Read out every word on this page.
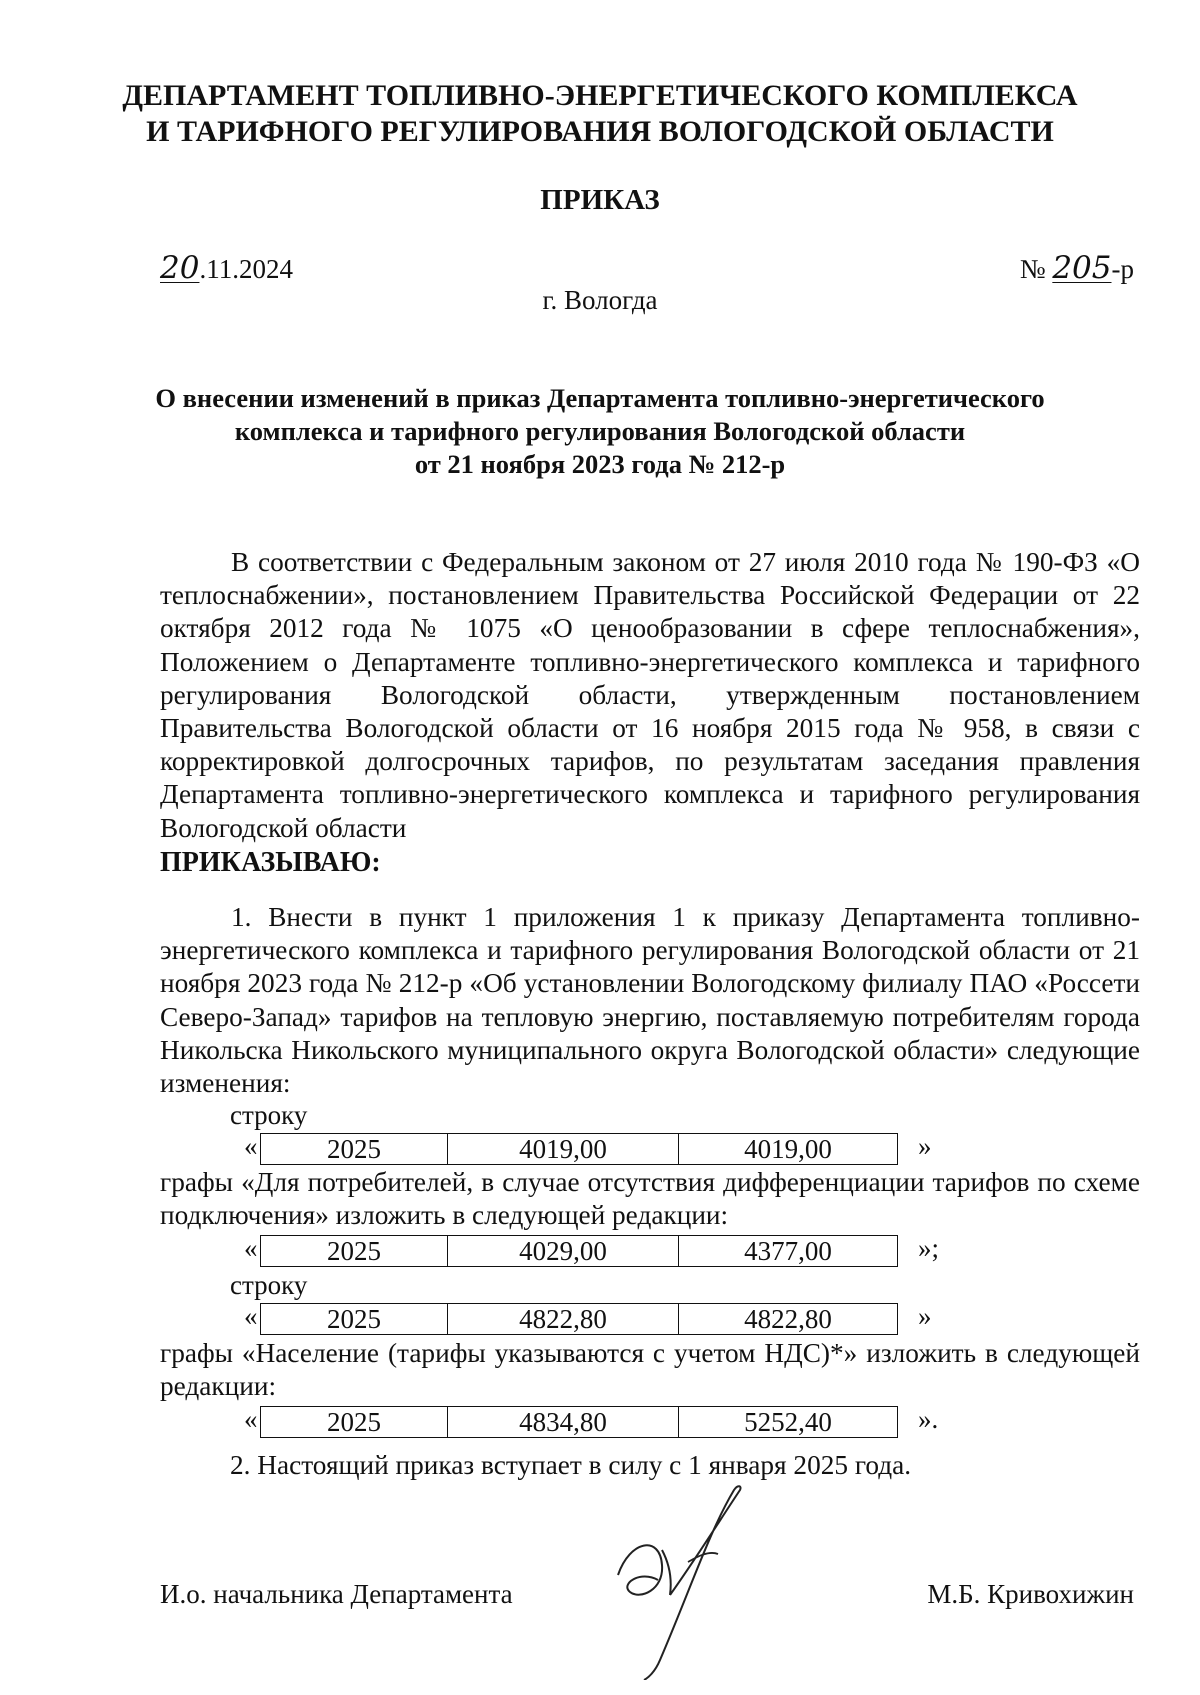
ДЕПАРТАМЕНТ ТОПЛИВНО-ЭНЕРГЕТИЧЕСКОГО КОМПЛЕКСА
И ТАРИФНОГО РЕГУЛИРОВАНИЯ ВОЛОГОДСКОЙ ОБЛАСТИ
ПРИКАЗ
20.11.2024	№ 205-р
г. Вологда
О внесении изменений в приказ Департамента топливно-энергетического
комплекса и тарифного регулирования Вологодской области
от 21 ноября 2023 года № 212-р
В соответствии с Федеральным законом от 27 июля 2010 года № 190-ФЗ «О теплоснабжении», постановлением Правительства Российской Федерации от 22 октября 2012 года № 1075 «О ценообразовании в сфере теплоснабжения», Положением о Департаменте топливно-энергетического комплекса и тарифного регулирования Вологодской области, утвержденным постановлением Правительства Вологодской области от 16 ноября 2015 года № 958, в связи с корректировкой долгосрочных тарифов, по результатам заседания правления Департамента топливно-энергетического комплекса и тарифного регулирования Вологодской области
ПРИКАЗЫВАЮ:
1. Внести в пункт 1 приложения 1 к приказу Департамента топливно-энергетического комплекса и тарифного регулирования Вологодской области от 21 ноября 2023 года № 212-р «Об установлении Вологодскому филиалу ПАО «Россети Северо-Запад» тарифов на тепловую энергию, поставляемую потребителям города Никольска Никольского муниципального округа Вологодской области» следующие изменения:
строку
«	2025	4019,00	4019,00	»
графы «Для потребителей, в случае отсутствия дифференциации тарифов по схеме подключения» изложить в следующей редакции:
«	2025	4029,00	4377,00	»;
строку
«	2025	4822,80	4822,80	»
графы «Население (тарифы указываются с учетом НДС)*» изложить в следующей редакции:
«	2025	4834,80	5252,40	».
2. Настоящий приказ вступает в силу с 1 января 2025 года.
И.о. начальника Департамента	М.Б. Кривохижин
